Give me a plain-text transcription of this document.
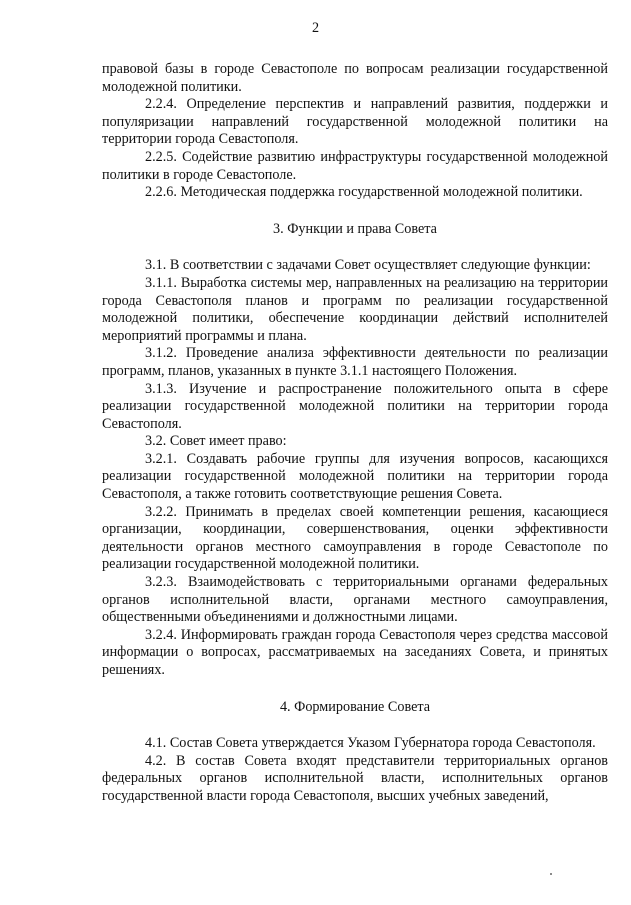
2

правовой базы в городе Севастополе по вопросам реализации государственной молодежной политики.

2.2.4. Определение перспектив и направлений развития, поддержки и популяризации направлений государственной молодежной политики на территории города Севастополя.

2.2.5. Содействие развитию инфраструктуры государственной молодежной политики в городе Севастополе.

2.2.6. Методическая поддержка государственной молодежной политики.

3. Функции и права Совета

3.1. В соответствии с задачами Совет осуществляет следующие функции:

3.1.1. Выработка системы мер, направленных на реализацию на территории города Севастополя планов и программ по реализации государственной молодежной политики, обеспечение координации действий исполнителей мероприятий программы и плана.

3.1.2. Проведение анализа эффективности деятельности по реализации программ, планов, указанных в пункте 3.1.1 настоящего Положения.

3.1.3. Изучение и распространение положительного опыта в сфере реализации государственной молодежной политики на территории города Севастополя.

3.2. Совет имеет право:

3.2.1. Создавать рабочие группы для изучения вопросов, касающихся реализации государственной молодежной политики на территории города Севастополя, а также готовить соответствующие решения Совета.

3.2.2. Принимать в пределах своей компетенции решения, касающиеся организации, координации, совершенствования, оценки эффективности деятельности органов местного самоуправления в городе Севастополе по реализации государственной молодежной политики.

3.2.3. Взаимодействовать с территориальными органами федеральных органов исполнительной власти, органами местного самоуправления, общественными объединениями и должностными лицами.

3.2.4. Информировать граждан города Севастополя через средства массовой информации о вопросах, рассматриваемых на заседаниях Совета, и принятых решениях.

4. Формирование Совета

4.1. Состав Совета утверждается Указом Губернатора города Севастополя.

4.2. В состав Совета входят представители территориальных органов федеральных органов исполнительной власти, исполнительных органов государственной власти города Севастополя, высших учебных заведений,
